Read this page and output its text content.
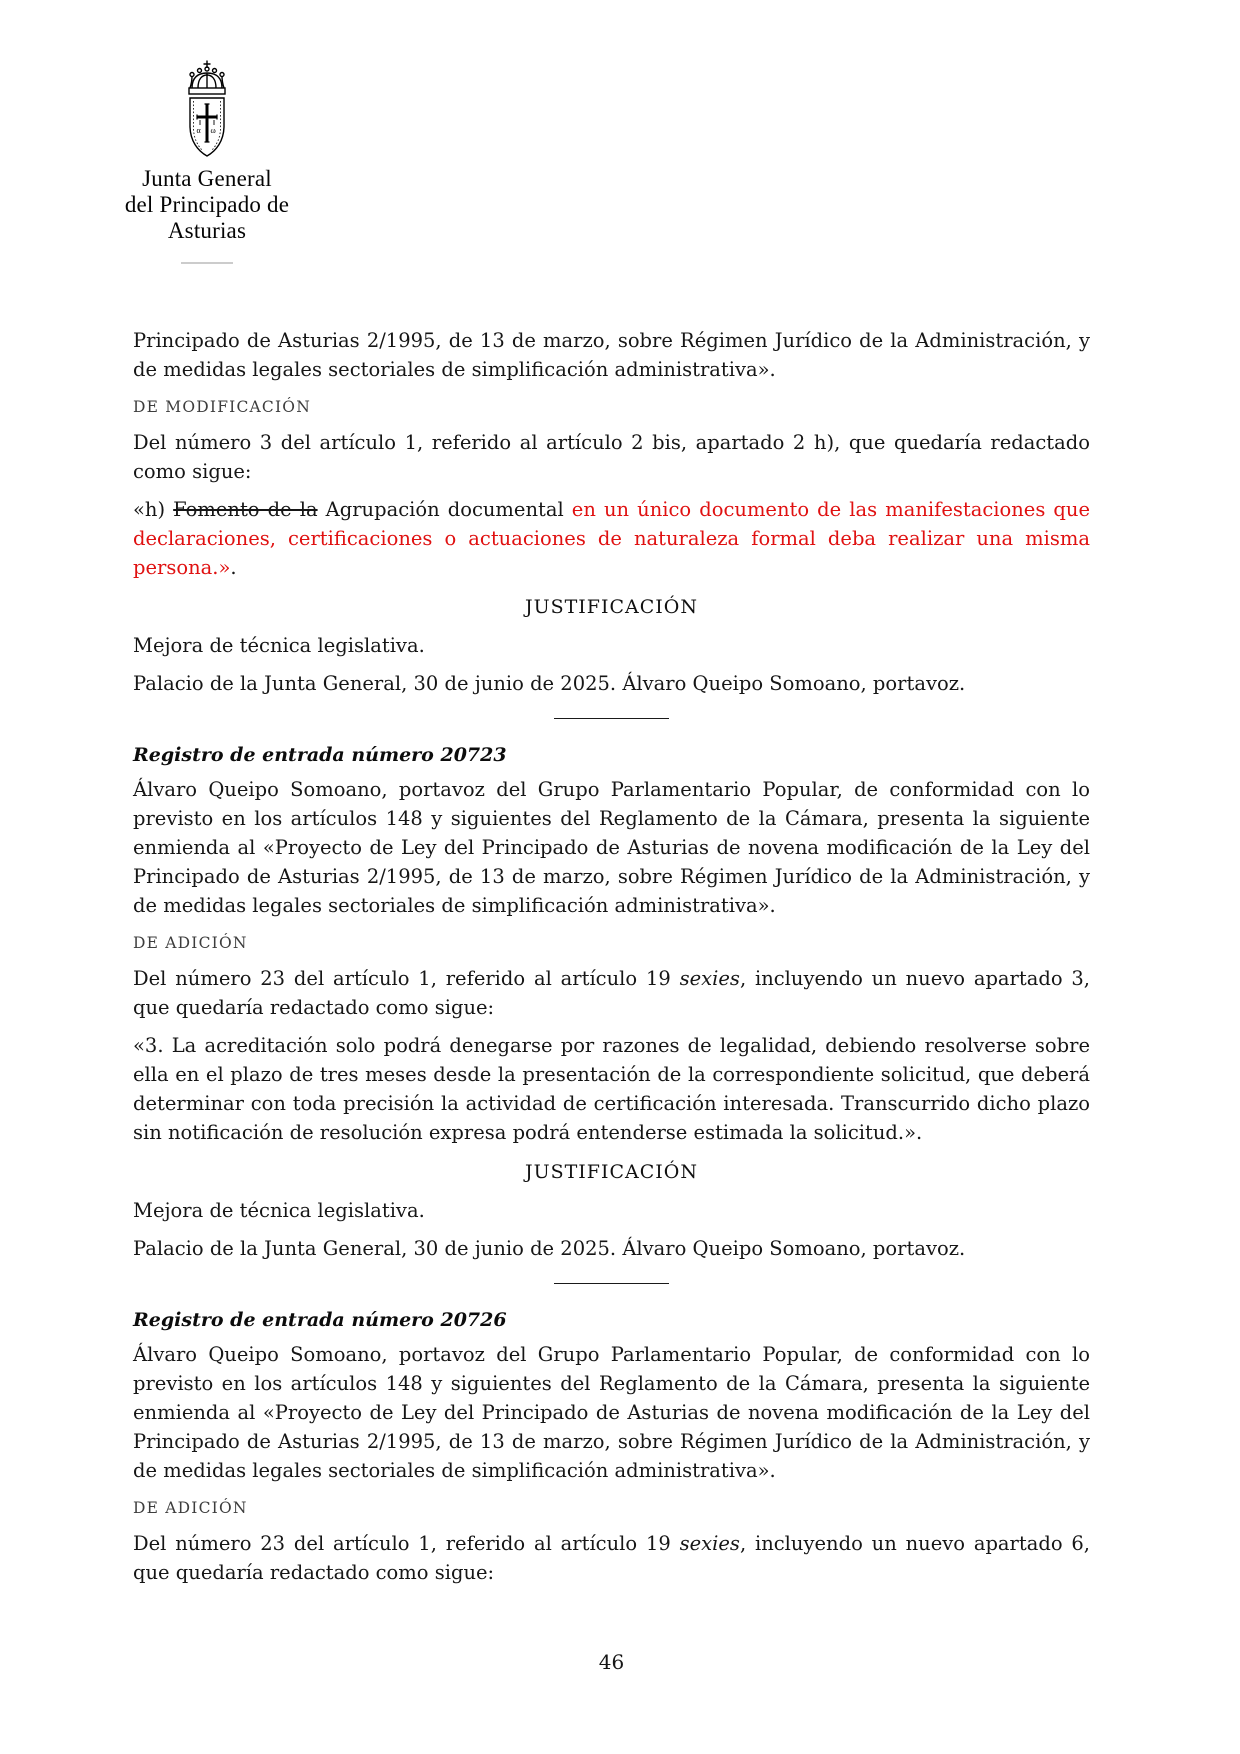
α ω
Junta General
del Principado de Asturias

Principado de Asturias 2/1995, de 13 de marzo, sobre Régimen Jurídico de la Administración, y de medidas legales sectoriales de simplificación administrativa».

DE MODIFICACIÓN

Del número 3 del artículo 1, referido al artículo 2 bis, apartado 2 h), que quedaría redactado como sigue:

«h) Fomento de la Agrupación documental en un único documento de las manifestaciones que declaraciones, certificaciones o actuaciones de naturaleza formal deba realizar una misma persona.».

JUSTIFICACIÓN

Mejora de técnica legislativa.

Palacio de la Junta General, 30 de junio de 2025. Álvaro Queipo Somoano, portavoz.

Registro de entrada número 20723

Álvaro Queipo Somoano, portavoz del Grupo Parlamentario Popular, de conformidad con lo previsto en los artículos 148 y siguientes del Reglamento de la Cámara, presenta la siguiente enmienda al «Proyecto de Ley del Principado de Asturias de novena modificación de la Ley del Principado de Asturias 2/1995, de 13 de marzo, sobre Régimen Jurídico de la Administración, y de medidas legales sectoriales de simplificación administrativa».

DE ADICIÓN

Del número 23 del artículo 1, referido al artículo 19 sexies, incluyendo un nuevo apartado 3, que quedaría redactado como sigue:

«3. La acreditación solo podrá denegarse por razones de legalidad, debiendo resolverse sobre ella en el plazo de tres meses desde la presentación de la correspondiente solicitud, que deberá determinar con toda precisión la actividad de certificación interesada. Transcurrido dicho plazo sin notificación de resolución expresa podrá entenderse estimada la solicitud.».

JUSTIFICACIÓN

Mejora de técnica legislativa.

Palacio de la Junta General, 30 de junio de 2025. Álvaro Queipo Somoano, portavoz.

Registro de entrada número 20726

Álvaro Queipo Somoano, portavoz del Grupo Parlamentario Popular, de conformidad con lo previsto en los artículos 148 y siguientes del Reglamento de la Cámara, presenta la siguiente enmienda al «Proyecto de Ley del Principado de Asturias de novena modificación de la Ley del Principado de Asturias 2/1995, de 13 de marzo, sobre Régimen Jurídico de la Administración, y de medidas legales sectoriales de simplificación administrativa».

DE ADICIÓN

Del número 23 del artículo 1, referido al artículo 19 sexies, incluyendo un nuevo apartado 6, que quedaría redactado como sigue:

46
